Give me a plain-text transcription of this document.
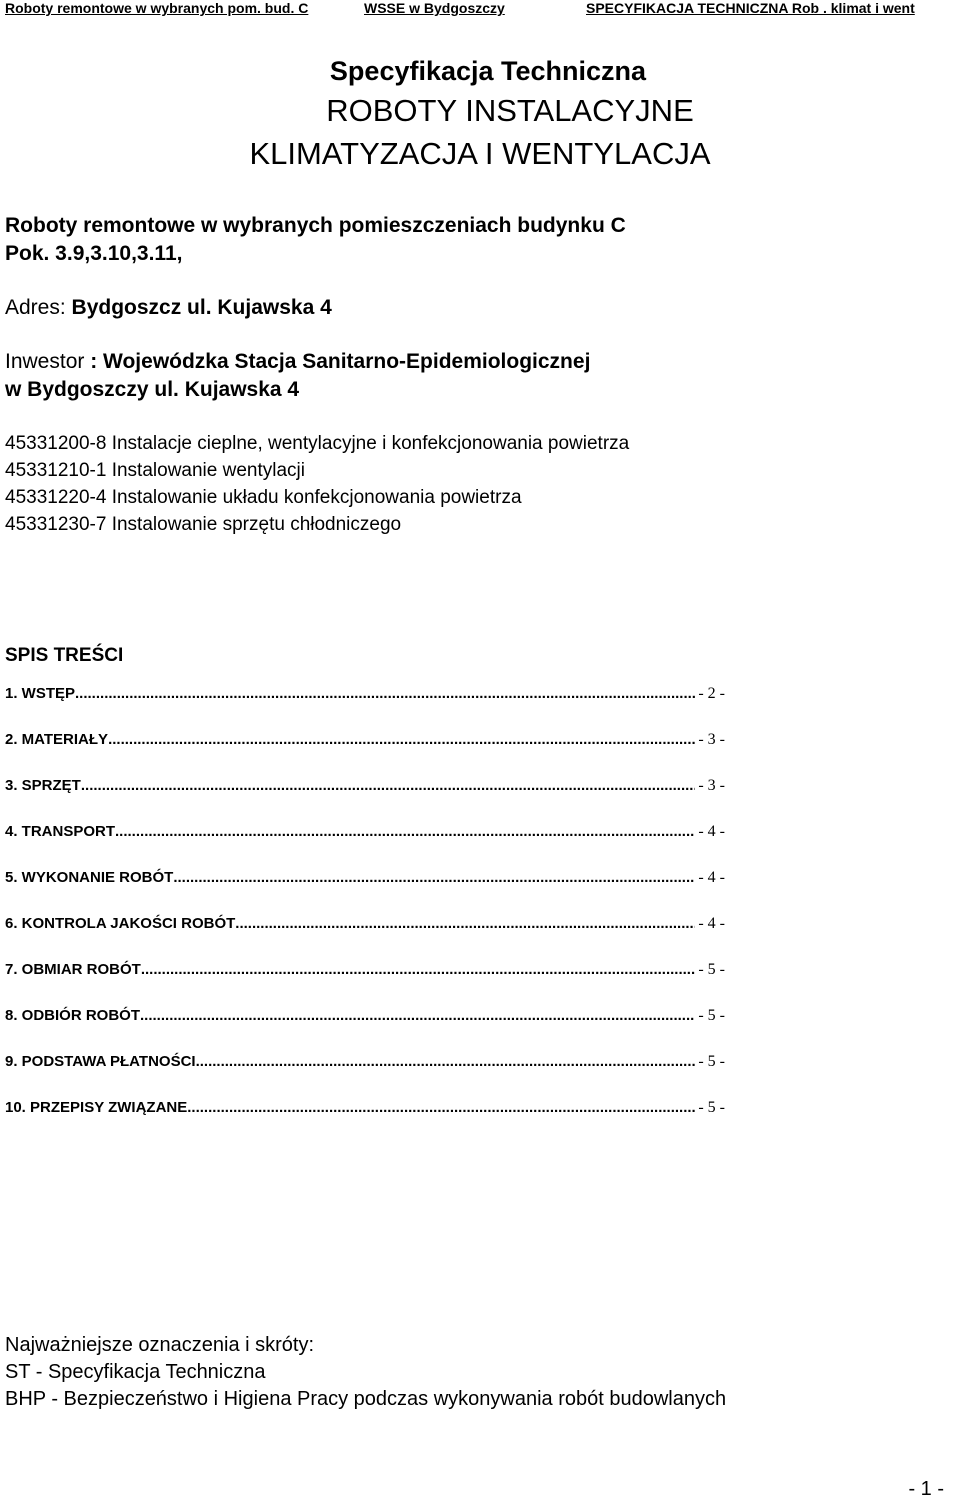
Roboty remontowe w wybranych pom. bud. C	WSSE w Bydgoszczy	SPECYFIKACJA TECHNICZNA Rob . klimat i went
Specyfikacja Techniczna
ROBOTY INSTALACYJNE
KLIMATYZACJA I WENTYLACJA
Roboty remontowe w wybranych pomieszczeniach budynku C
Pok. 3.9,3.10,3.11,
Adres: Bydgoszcz ul. Kujawska 4
Inwestor : Wojewódzka Stacja Sanitarno-Epidemiologicznej
w Bydgoszczy ul. Kujawska 4
45331200-8 Instalacje cieplne, wentylacyjne i konfekcjonowania powietrza
45331210-1 Instalowanie wentylacji
45331220-4 Instalowanie układu konfekcjonowania powietrza
45331230-7 Instalowanie sprzętu chłodniczego
SPIS TREŚCI
1. WSTĘP .....	- 2 -
2. MATERIAŁY .....	- 3 -
3. SPRZĘT .....	- 3 -
4. TRANSPORT .....	- 4 -
5. WYKONANIE ROBÓT .....	- 4 -
6. KONTROLA JAKOŚCI ROBÓT .....	- 4 -
7. OBMIAR ROBÓT .....	- 5 -
8. ODBIÓR ROBÓT .....	- 5 -
9. PODSTAWA PŁATNOŚCI .....	- 5 -
10. PRZEPISY ZWIĄZANE .....	- 5 -
Najważniejsze oznaczenia i skróty:
ST - Specyfikacja Techniczna
BHP - Bezpieczeństwo i Higiena Pracy podczas wykonywania robót budowlanych
- 1 -
